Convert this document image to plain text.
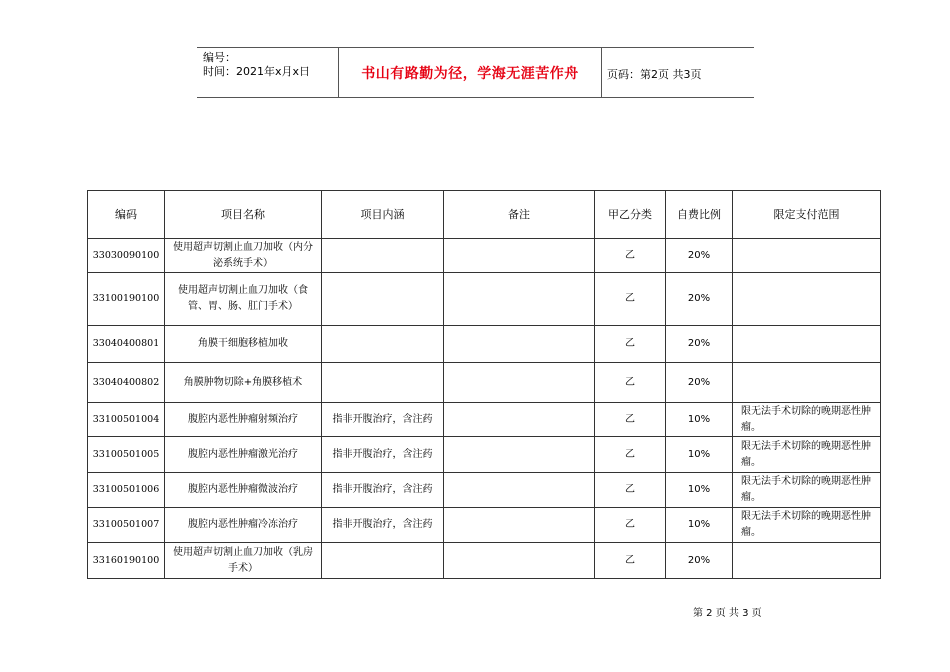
编号：
时间：2021年x月x日	书山有路勤为径，学海无涯苦作舟	页码：第2页 共3页
编码	项目名称	项目内涵	备注	甲乙分类	自费比例	限定支付范围
33030090100	使用超声切割止血刀加收（内分泌系统手术）			乙	20%	
33100190100	使用超声切割止血刀加收（食管、胃、肠、肛门手术）			乙	20%	
33040400801	角膜干细胞移植加收			乙	20%	
33040400802	角膜肿物切除+角膜移植术			乙	20%	
33100501004	腹腔内恶性肿瘤射频治疗	指非开腹治疗，含注药		乙	10%	限无法手术切除的晚期恶性肿瘤。
33100501005	腹腔内恶性肿瘤激光治疗	指非开腹治疗，含注药		乙	10%	限无法手术切除的晚期恶性肿瘤。
33100501006	腹腔内恶性肿瘤微波治疗	指非开腹治疗，含注药		乙	10%	限无法手术切除的晚期恶性肿瘤。
33100501007	腹腔内恶性肿瘤冷冻治疗	指非开腹治疗，含注药		乙	10%	限无法手术切除的晚期恶性肿瘤。
33160190100	使用超声切割止血刀加收（乳房手术）			乙	20%	
第 2 页 共 3 页
